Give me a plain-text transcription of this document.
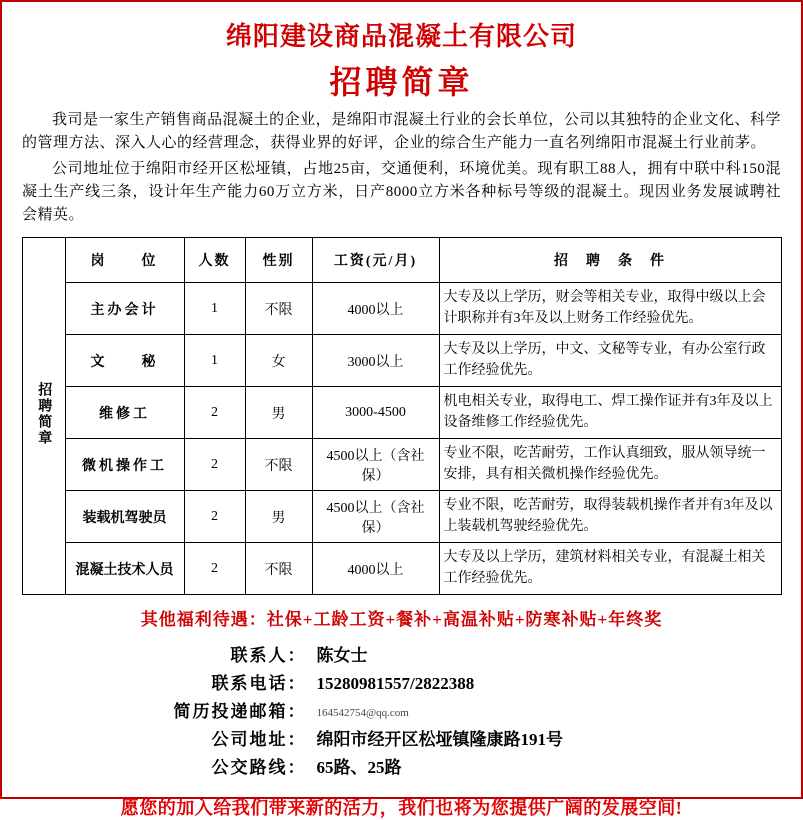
绵阳建设商品混凝土有限公司
招聘简章
我司是一家生产销售商品混凝土的企业，是绵阳市混凝土行业的会长单位，公司以其独特的企业文化、科学的管理方法、深入人心的经营理念，获得业界的好评，企业的综合生产能力一直名列绵阳市混凝土行业前茅。
公司地址位于绵阳市经开区松垭镇，占地25亩，交通便利，环境优美。现有职工88人，拥有中联中科150混凝土生产线三条，设计年生产能力60万立方米，日产8000立方米各种标号等级的混凝土。现因业务发展诚聘社会精英。
招聘简章	岗　　位	人数	性别	工资(元/月)	招　聘　条　件
	主办会计	1	不限	4000以上	大专及以上学历，财会等相关专业，取得中级以上会计职称并有3年及以上财务工作经验优先。
	文　　秘	1	女	3000以上	大专及以上学历，中文、文秘等专业，有办公室行政工作经验优先。
	维修工	2	男	3000-4500	机电相关专业，取得电工、焊工操作证并有3年及以上设备维修工作经验优先。
	微机操作工	2	不限	4500以上（含社保）	专业不限，吃苦耐劳，工作认真细致，服从领导统一安排，具有相关微机操作经验优先。
	装载机驾驶员	2	男	4500以上（含社保）	专业不限，吃苦耐劳，取得装载机操作者并有3年及以上装载机驾驶经验优先。
	混凝土技术人员	2	不限	4000以上	大专及以上学历，建筑材料相关专业，有混凝土相关工作经验优先。
其他福利待遇：社保+工龄工资+餐补+高温补贴+防寒补贴+年终奖
联系人： 陈女士
联系电话： 15280981557/2822388
简历投递邮箱： 164542754@qq.com
公司地址： 绵阳市经开区松垭镇隆康路191号
公交路线： 65路、25路
愿您的加入给我们带来新的活力，我们也将为您提供广阔的发展空间!
